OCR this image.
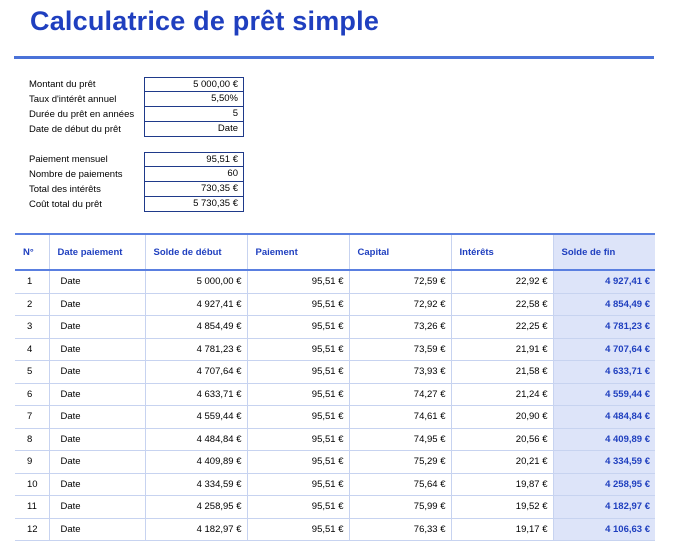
Calculatrice de prêt simple
Montant du prêt	5 000,00 €
Taux d'intérêt annuel	5,50%
Durée du prêt en années	5
Date de début du prêt	Date
Paiement mensuel	95,51 €
Nombre de paiements	60
Total des intérêts	730,35 €
Coût total du prêt	5 730,35 €
N°	Date paiement	Solde de début	Paiement	Capital	Intérêts	Solde de fin
1	Date	5 000,00 €	95,51 €	72,59 €	22,92 €	4 927,41 €
2	Date	4 927,41 €	95,51 €	72,92 €	22,58 €	4 854,49 €
3	Date	4 854,49 €	95,51 €	73,26 €	22,25 €	4 781,23 €
4	Date	4 781,23 €	95,51 €	73,59 €	21,91 €	4 707,64 €
5	Date	4 707,64 €	95,51 €	73,93 €	21,58 €	4 633,71 €
6	Date	4 633,71 €	95,51 €	74,27 €	21,24 €	4 559,44 €
7	Date	4 559,44 €	95,51 €	74,61 €	20,90 €	4 484,84 €
8	Date	4 484,84 €	95,51 €	74,95 €	20,56 €	4 409,89 €
9	Date	4 409,89 €	95,51 €	75,29 €	20,21 €	4 334,59 €
10	Date	4 334,59 €	95,51 €	75,64 €	19,87 €	4 258,95 €
11	Date	4 258,95 €	95,51 €	75,99 €	19,52 €	4 182,97 €
12	Date	4 182,97 €	95,51 €	76,33 €	19,17 €	4 106,63 €
